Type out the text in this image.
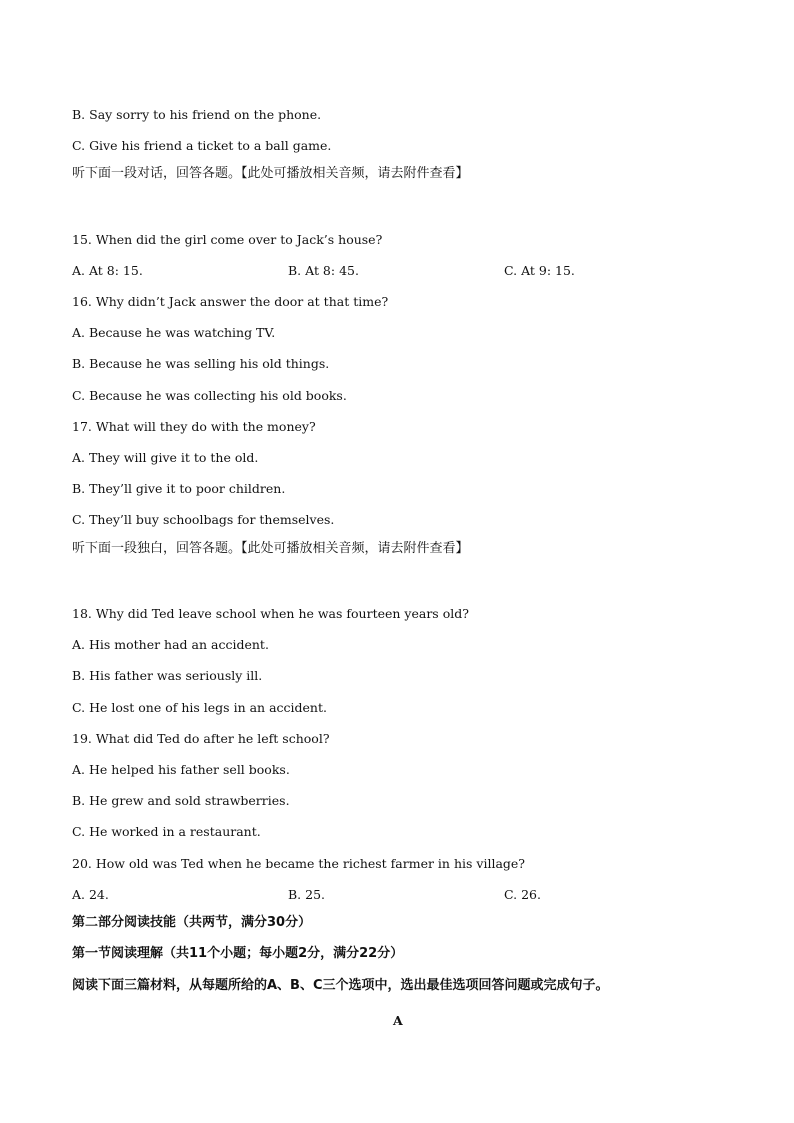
B. Say sorry to his friend on the phone.
C. Give his friend a ticket to a ball game.
听下面一段对话，回答各题。【此处可播放相关音频，请去附件查看】
15. When did the girl come over to Jack’s house?
A. At 8: 15.	B. At 8: 45.	C. At 9: 15.
16. Why didn’t Jack answer the door at that time?
A. Because he was watching TV.
B. Because he was selling his old things.
C. Because he was collecting his old books.
17. What will they do with the money?
A. They will give it to the old.
B. They’ll give it to poor children.
C. They’ll buy schoolbags for themselves.
听下面一段独白，回答各题。【此处可播放相关音频，请去附件查看】
18. Why did Ted leave school when he was fourteen years old?
A. His mother had an accident.
B. His father was seriously ill.
C. He lost one of his legs in an accident.
19. What did Ted do after he left school?
A. He helped his father sell books.
B. He grew and sold strawberries.
C. He worked in a restaurant.
20. How old was Ted when he became the richest farmer in his village?
A. 24.	B. 25.	C. 26.
第二部分阅读技能（共两节，满分30分）
第一节阅读理解（共11个小题；每小题2分，满分22分）
阅读下面三篇材料，从每题所给的A、B、C三个选项中，选出最佳选项回答问题或完成句子。
A
